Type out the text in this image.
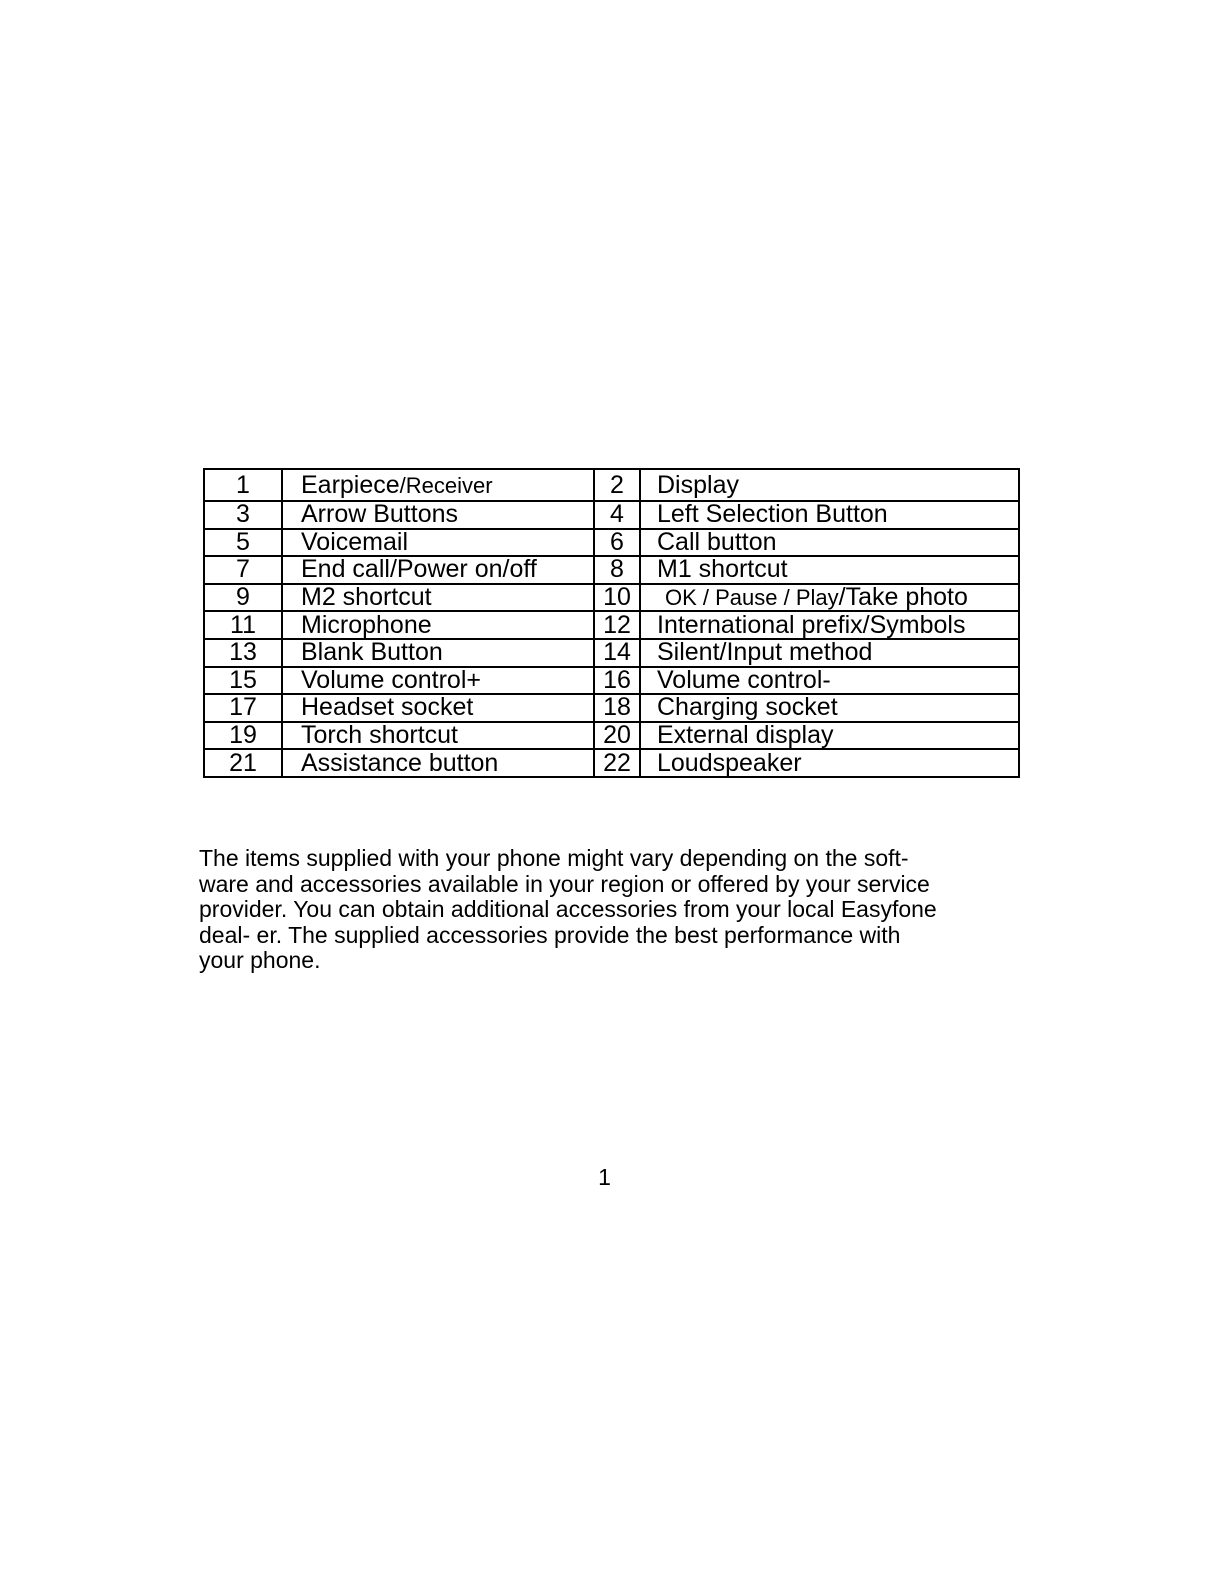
1	Earpiece/Receiver	2	Display
3	Arrow Buttons	4	Left Selection Button
5	Voicemail	6	Call button
7	End call/Power on/off	8	M1 shortcut
9	M2 shortcut	10	OK / Pause / Play/Take photo
11	Microphone	12	International prefix/Symbols
13	Blank Button	14	Silent/Input method
15	Volume control+	16	Volume control-
17	Headset socket	18	Charging socket
19	Torch shortcut	20	External display
21	Assistance button	22	Loudspeaker

The items supplied with your phone might vary depending on the soft-
ware and accessories available in your region or offered by your service
provider. You can obtain additional accessories from your local Easyfone
deal- er. The supplied accessories provide the best performance with
your phone.

1
